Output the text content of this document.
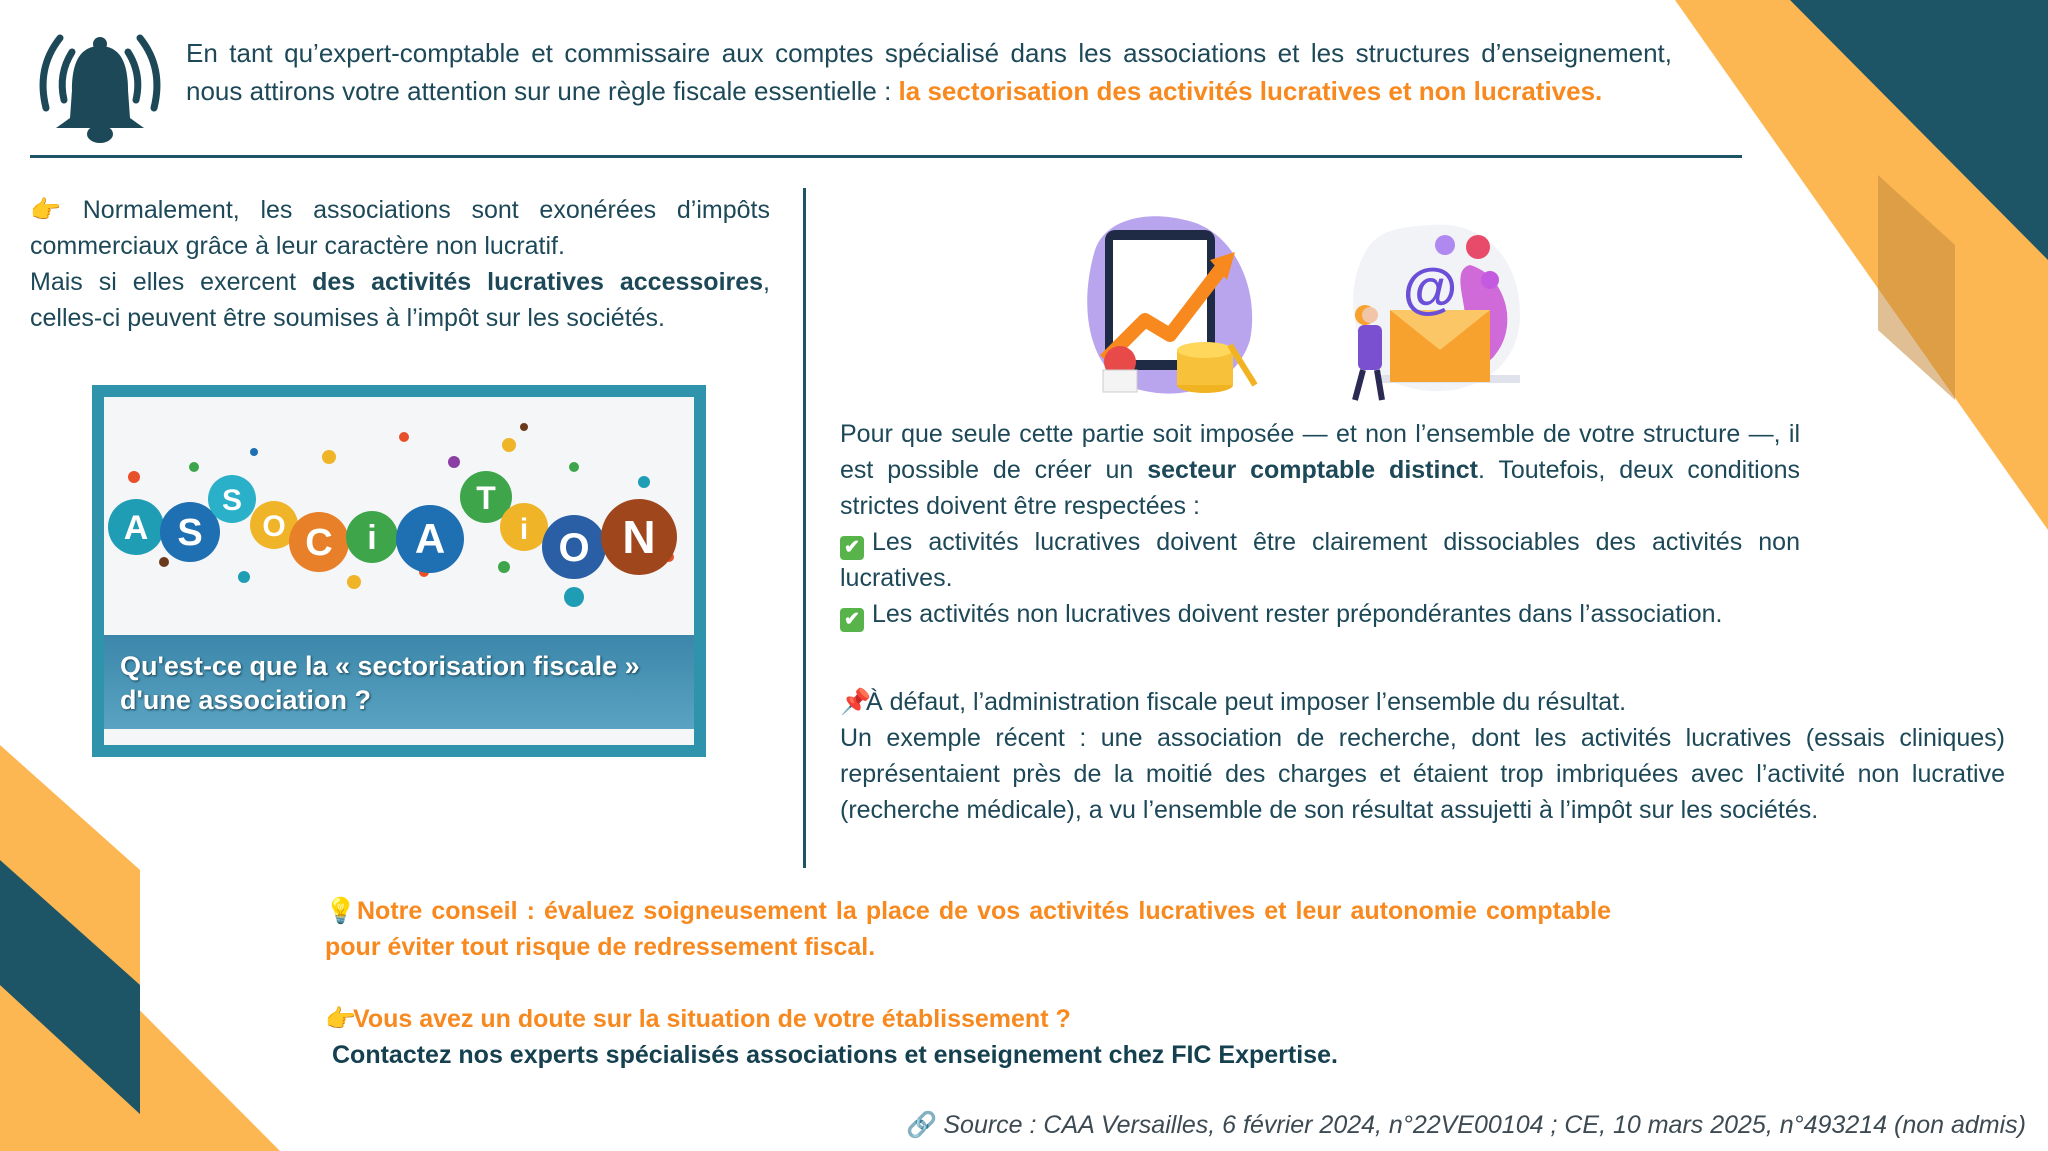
En tant qu’expert-comptable et commissaire aux comptes spécialisé dans les associations et les structures d’enseignement, nous attirons votre attention sur une règle fiscale essentielle : la sectorisation des activités lucratives et non lucratives.
👉 Normalement, les associations sont exonérées d’impôts commerciaux grâce à leur caractère non lucratif.
Mais si elles exercent des activités lucratives accessoires, celles-ci peuvent être soumises à l’impôt sur les sociétés.
A S
S
O C i A
T
i O N
Qu'est-ce que la « sectorisation fiscale »
d'une association ?
@
Pour que seule cette partie soit imposée — et non l’ensemble de votre structure —, il est possible de créer un secteur comptable distinct. Toutefois, deux conditions strictes doivent être respectées :
✔ Les activités lucratives doivent être clairement dissociables des activités non lucratives.
✔ Les activités non lucratives doivent rester prépondérantes dans l’association.
📌À défaut, l’administration fiscale peut imposer l’ensemble du résultat.
Un exemple récent : une association de recherche, dont les activités lucratives (essais cliniques) représentaient près de la moitié des charges et étaient trop imbriquées avec l’activité non lucrative (recherche médicale), a vu l’ensemble de son résultat assujetti à l’impôt sur les sociétés.
💡Notre conseil : évaluez soigneusement la place de vos activités lucratives et leur autonomie comptable pour éviter tout risque de redressement fiscal.
👉Vous avez un doute sur la situation de votre établissement ?
Contactez nos experts spécialisés associations et enseignement chez FIC Expertise.
🔗 Source : CAA Versailles, 6 février 2024, n°22VE00104 ; CE, 10 mars 2025, n°493214 (non admis)
